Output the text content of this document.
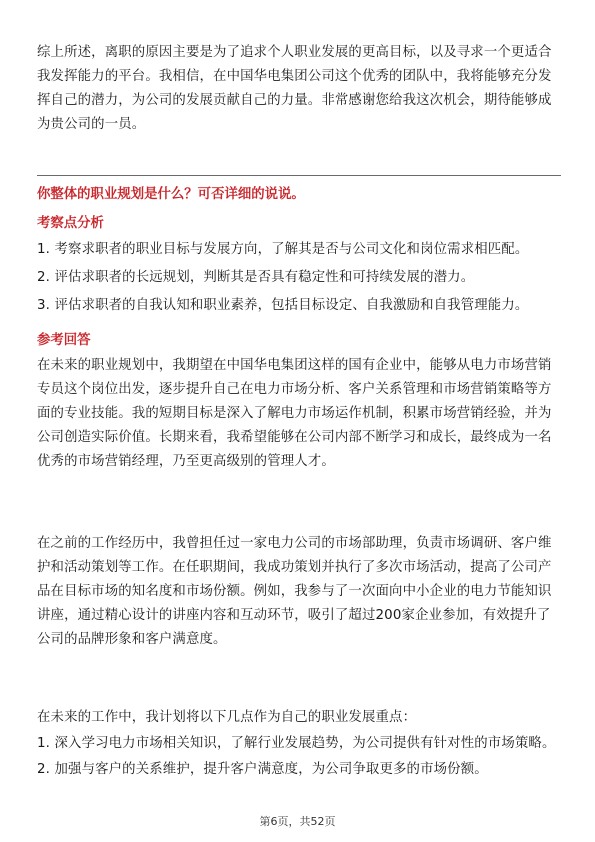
综上所述，离职的原因主要是为了追求个人职业发展的更高目标，以及寻求一个更适合我发挥能力的平台。我相信，在中国华电集团公司这个优秀的团队中，我将能够充分发挥自己的潜力，为公司的发展贡献自己的力量。非常感谢您给我这次机会，期待能够成为贵公司的一员。

你整体的职业规划是什么？可否详细的说说。

考察点分析

1. 考察求职者的职业目标与发展方向，了解其是否与公司文化和岗位需求相匹配。

2. 评估求职者的长远规划，判断其是否具有稳定性和可持续发展的潜力。

3. 评估求职者的自我认知和职业素养，包括目标设定、自我激励和自我管理能力。

参考回答

在未来的职业规划中，我期望在中国华电集团这样的国有企业中，能够从电力市场营销专员这个岗位出发，逐步提升自己在电力市场分析、客户关系管理和市场营销策略等方面的专业技能。我的短期目标是深入了解电力市场运作机制，积累市场营销经验，并为公司创造实际价值。长期来看，我希望能够在公司内部不断学习和成长，最终成为一名优秀的市场营销经理，乃至更高级别的管理人才。

在之前的工作经历中，我曾担任过一家电力公司的市场部助理，负责市场调研、客户维护和活动策划等工作。在任职期间，我成功策划并执行了多次市场活动，提高了公司产品在目标市场的知名度和市场份额。例如，我参与了一次面向中小企业的电力节能知识讲座，通过精心设计的讲座内容和互动环节，吸引了超过200家企业参加，有效提升了公司的品牌形象和客户满意度。

在未来的工作中，我计划将以下几点作为自己的职业发展重点：

1. 深入学习电力市场相关知识，了解行业发展趋势，为公司提供有针对性的市场策略。

2. 加强与客户的关系维护，提升客户满意度，为公司争取更多的市场份额。

第6页，共52页
